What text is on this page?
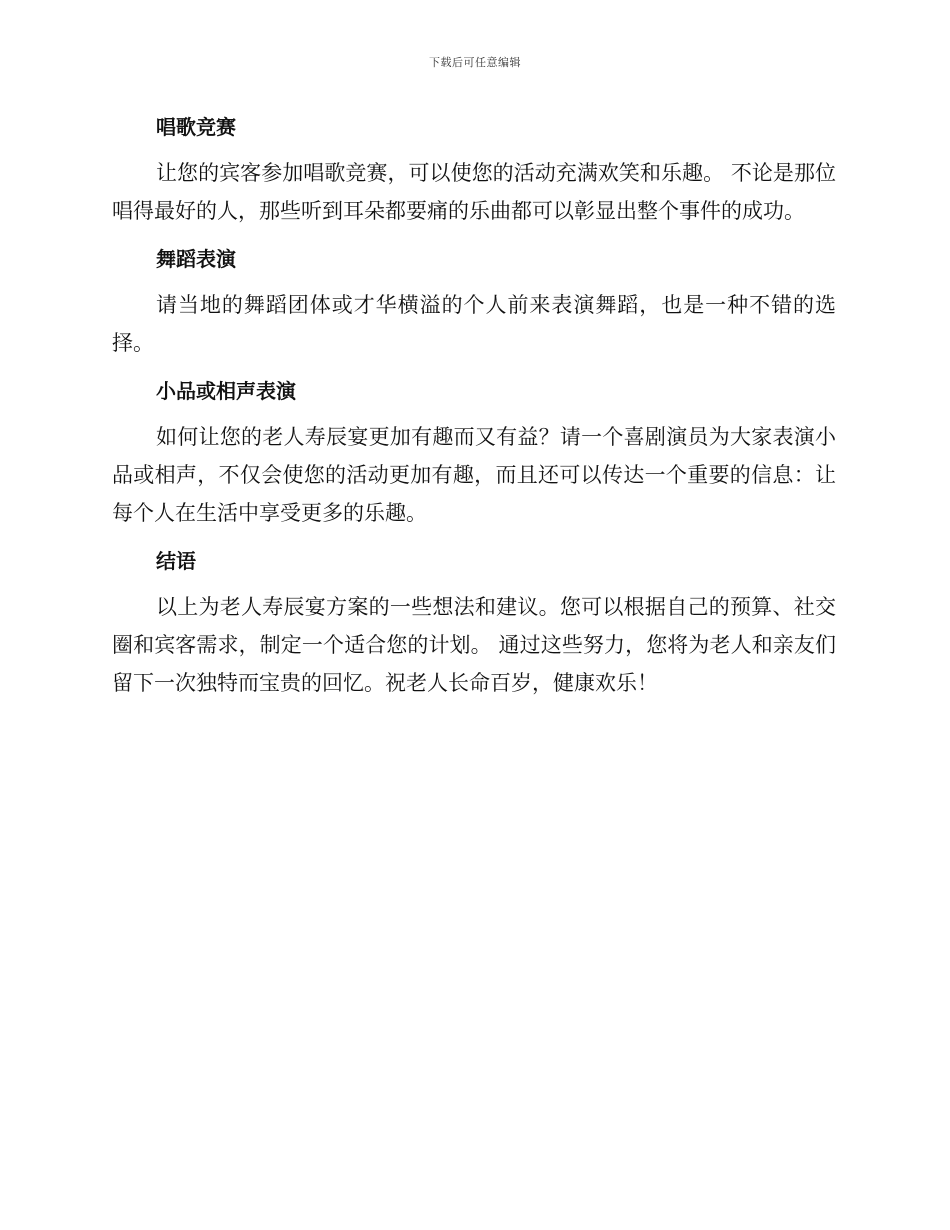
下载后可任意编辑
唱歌竞赛

让您的宾客参加唱歌竞赛，可以使您的活动充满欢笑和乐趣。 不论是那位唱得最好的人，那些听到耳朵都要痛的乐曲都可以彰显出整个事件的成功。

舞蹈表演

请当地的舞蹈团体或才华横溢的个人前来表演舞蹈，也是一种不错的选择。

小品或相声表演

如何让您的老人寿辰宴更加有趣而又有益？请一个喜剧演员为大家表演小品或相声，不仅会使您的活动更加有趣，而且还可以传达一个重要的信息：让每个人在生活中享受更多的乐趣。

结语

以上为老人寿辰宴方案的一些想法和建议。您可以根据自己的预算、社交圈和宾客需求，制定一个适合您的计划。 通过这些努力，您将为老人和亲友们留下一次独特而宝贵的回忆。祝老人长命百岁，健康欢乐！
